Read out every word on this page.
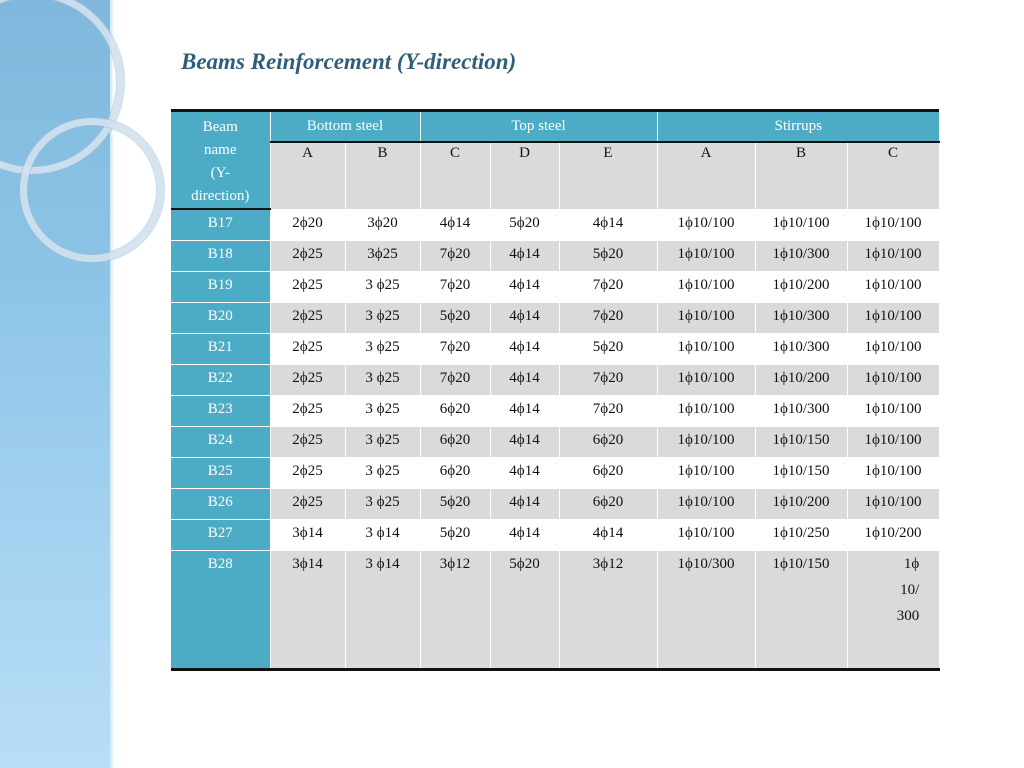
Beams Reinforcement (Y-direction)
Beam
name
(Y-
direction)	Bottom steel		Top steel			Stirrups		
	A	B	C	D	E	A	B	C
B17	2ϕ20	3ϕ20	4ϕ14	5ϕ20	4ϕ14	1ϕ10/100	1ϕ10/100	1ϕ10/100
B18	2ϕ25	3ϕ25	7ϕ20	4ϕ14	5ϕ20	1ϕ10/100	1ϕ10/300	1ϕ10/100
B19	2ϕ25	3 ϕ25	7ϕ20	4ϕ14	7ϕ20	1ϕ10/100	1ϕ10/200	1ϕ10/100
B20	2ϕ25	3 ϕ25	5ϕ20	4ϕ14	7ϕ20	1ϕ10/100	1ϕ10/300	1ϕ10/100
B21	2ϕ25	3 ϕ25	7ϕ20	4ϕ14	5ϕ20	1ϕ10/100	1ϕ10/300	1ϕ10/100
B22	2ϕ25	3 ϕ25	7ϕ20	4ϕ14	7ϕ20	1ϕ10/100	1ϕ10/200	1ϕ10/100
B23	2ϕ25	3 ϕ25	6ϕ20	4ϕ14	7ϕ20	1ϕ10/100	1ϕ10/300	1ϕ10/100
B24	2ϕ25	3 ϕ25	6ϕ20	4ϕ14	6ϕ20	1ϕ10/100	1ϕ10/150	1ϕ10/100
B25	2ϕ25	3 ϕ25	6ϕ20	4ϕ14	6ϕ20	1ϕ10/100	1ϕ10/150	1ϕ10/100
B26	2ϕ25	3 ϕ25	5ϕ20	4ϕ14	6ϕ20	1ϕ10/100	1ϕ10/200	1ϕ10/100
B27	3ϕ14	3 ϕ14	5ϕ20	4ϕ14	4ϕ14	1ϕ10/100	1ϕ10/250	1ϕ10/200
B28	3ϕ14	3 ϕ14	3ϕ12	5ϕ20	3ϕ12	1ϕ10/300	1ϕ10/150	1ϕ
10/
300
